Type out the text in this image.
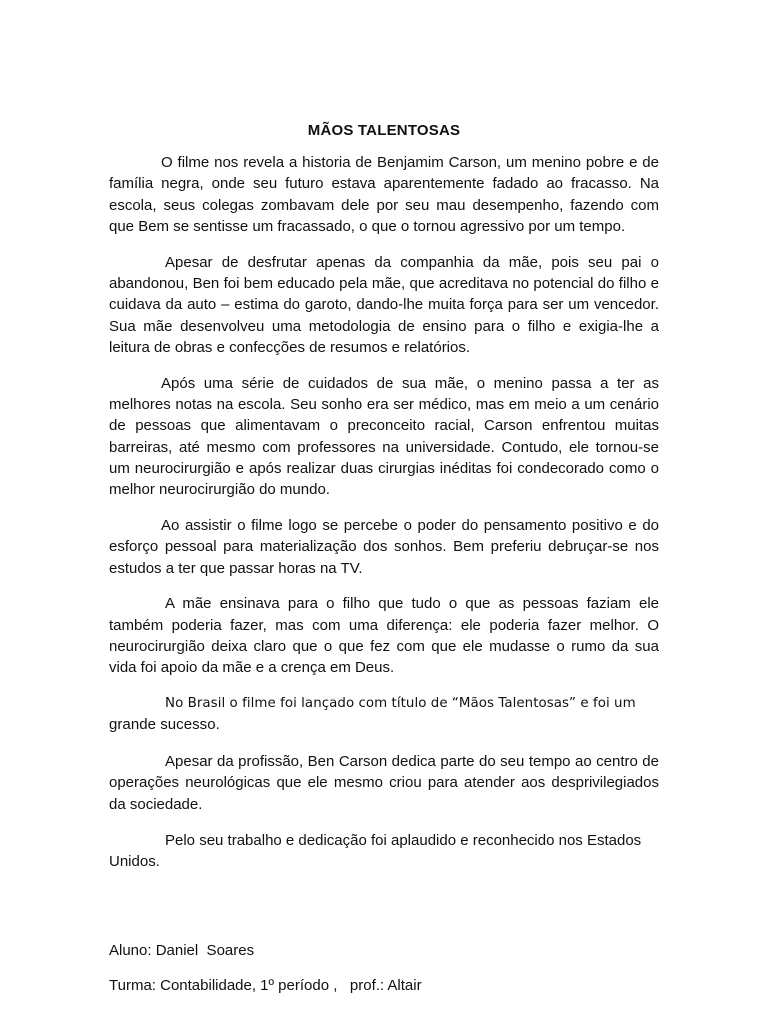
MÃOS TALENTOSAS

O filme nos revela a historia de Benjamim Carson, um menino pobre e de família negra, onde seu futuro estava aparentemente fadado ao fracasso. Na escola, seus colegas zombavam dele por seu mau desempenho, fazendo com que Bem se sentisse um fracassado, o que o tornou agressivo por um tempo.

Apesar de desfrutar apenas da companhia da mãe, pois seu pai o abandonou, Ben foi bem educado pela mãe, que acreditava no potencial do filho e cuidava da auto – estima do garoto, dando-lhe muita força para ser um vencedor. Sua mãe desenvolveu uma metodologia de ensino para o filho e exigia-lhe a leitura de obras e confecções de resumos e relatórios.

Após uma série de cuidados de sua mãe, o menino passa a ter as melhores notas na escola. Seu sonho era ser médico, mas em meio a um cenário de pessoas que alimentavam o preconceito racial, Carson enfrentou muitas barreiras, até mesmo com professores na universidade. Contudo, ele tornou-se um neurocirurgião e após realizar duas cirurgias inéditas foi condecorado como o melhor neurocirurgião do mundo.

Ao assistir o filme logo se percebe o poder do pensamento positivo e do esforço pessoal para materialização dos sonhos. Bem preferiu debruçar-se nos estudos a ter que passar horas na TV.

A mãe ensinava para o filho que tudo o que as pessoas faziam ele também poderia fazer, mas com uma diferença: ele poderia fazer melhor. O neurocirurgião deixa claro que o que fez com que ele mudasse o rumo da sua vida foi apoio da mãe e a crença em Deus.

No Brasil o filme foi lançado com título de “Mãos Talentosas” e foi um
grande sucesso.

Apesar da profissão, Ben Carson dedica parte do seu tempo ao centro de operações neurológicas que ele mesmo criou para atender aos desprivilegiados da sociedade.

Pelo seu trabalho e dedicação foi aplaudido e reconhecido nos Estados Unidos.

Aluno: Daniel  Soares

Turma: Contabilidade, 1º período ,   prof.: Altair
